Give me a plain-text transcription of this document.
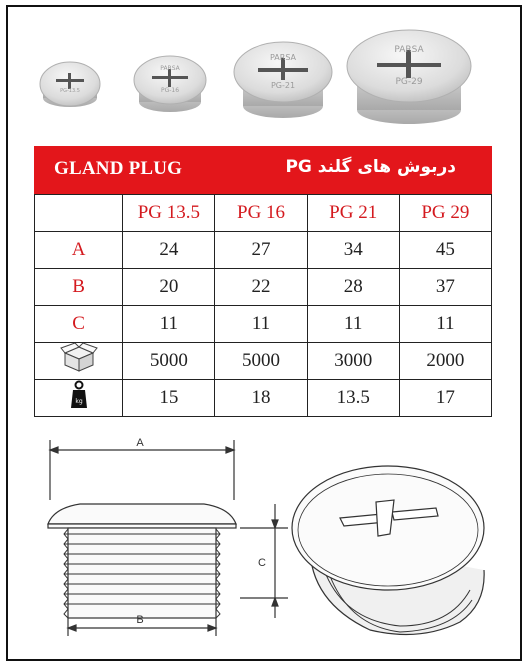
PG-13.5
PARSA
PG-16
PARSA
PG-21
PARSA
PG-29
GLAND PLUG	دربوش های گلند PG
	PG 13.5	PG 16	PG 21	PG 29
A	24	27	34	45
B	20	22	28	37
C	11	11	11	11
	5000	5000	3000	2000

kg	15	18	13.5	17
A
B
C
